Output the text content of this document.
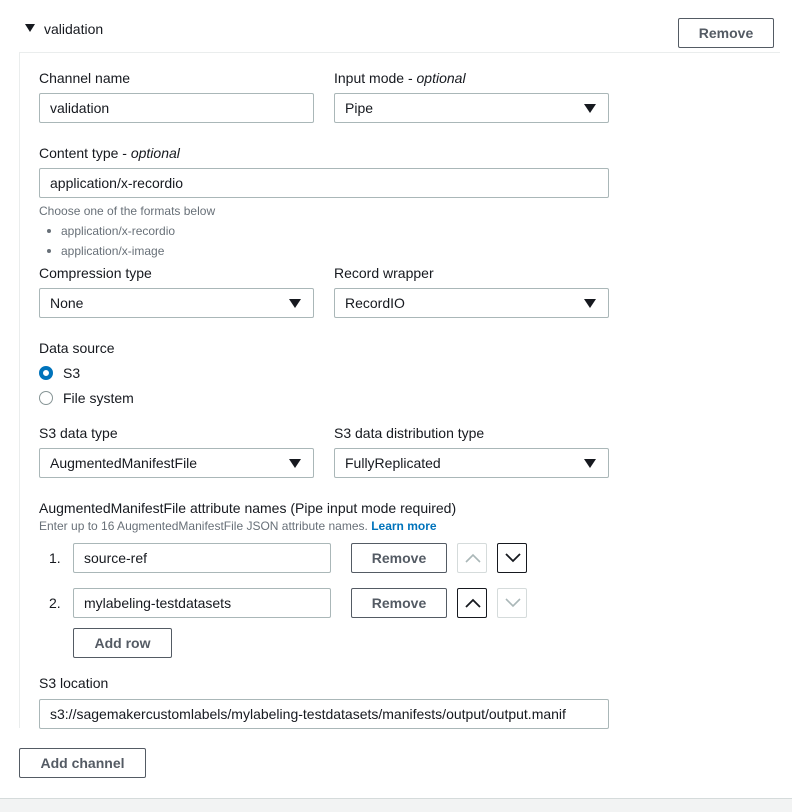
validation	Remove
Channel name
validation
Input mode - optional
Pipe
Content type - optional
application/x-recordio
Choose one of the formats below
application/x-recordio
application/x-image
Compression type
None
Record wrapper
RecordIO
Data source
S3
File system
S3 data type
AugmentedManifestFile
S3 data distribution type
FullyReplicated
AugmentedManifestFile attribute names (Pipe input mode required)
Enter up to 16 AugmentedManifestFile JSON attribute names. Learn more
1.	source-ref	Remove
2.	mylabeling-testdatasets	Remove
Add row
S3 location
s3://sagemakercustomlabels/mylabeling-testdatasets/manifests/output/output.manif
Add channel
